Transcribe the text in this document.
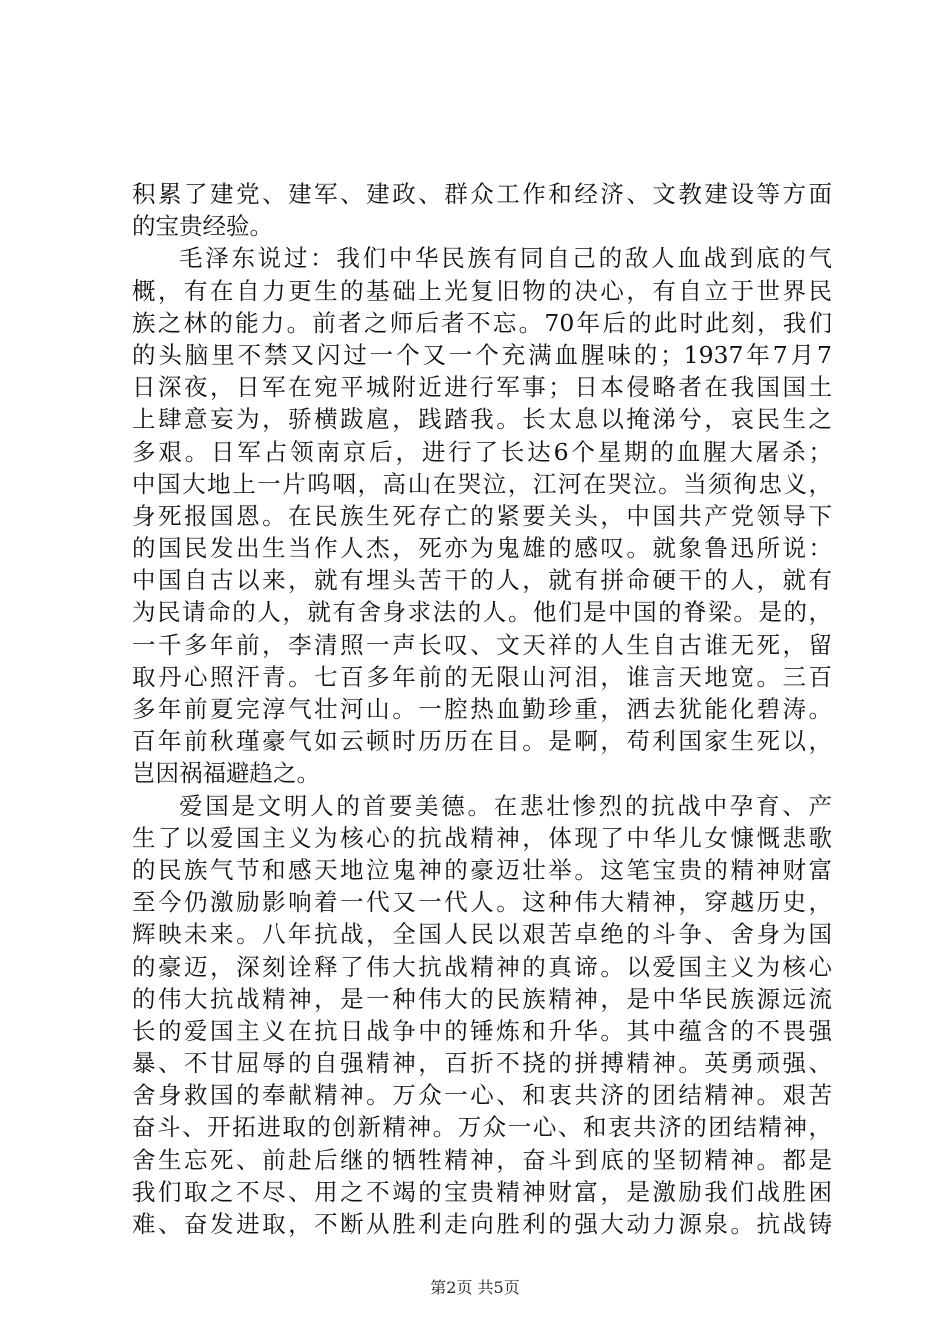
积累了建党、建军、建政、群众工作和经济、文教建设等方面
的宝贵经验。
毛泽东说过：我们中华民族有同自己的敌人血战到底的气
概，有在自力更生的基础上光复旧物的决心，有自立于世界民
族之林的能力。前者之师后者不忘。70年后的此时此刻，我们
的头脑里不禁又闪过一个又一个充满血腥味的；1937年7月7
日深夜，日军在宛平城附近进行军事；日本侵略者在我国国土
上肆意妄为，骄横跋扈，践踏我。长太息以掩涕兮，哀民生之
多艰。日军占领南京后，进行了长达6个星期的血腥大屠杀；
中国大地上一片呜咽，高山在哭泣，江河在哭泣。当须徇忠义，
身死报国恩。在民族生死存亡的紧要关头，中国共产党领导下
的国民发出生当作人杰，死亦为鬼雄的感叹。就象鲁迅所说：
中国自古以来，就有埋头苦干的人，就有拼命硬干的人，就有
为民请命的人，就有舍身求法的人。他们是中国的脊梁。是的，
一千多年前，李清照一声长叹、文天祥的人生自古谁无死，留
取丹心照汗青。七百多年前的无限山河泪，谁言天地宽。三百
多年前夏完淳气壮河山。一腔热血勤珍重，洒去犹能化碧涛。
百年前秋瑾豪气如云顿时历历在目。是啊，苟利国家生死以，
岂因祸福避趋之。
爱国是文明人的首要美德。在悲壮惨烈的抗战中孕育、产
生了以爱国主义为核心的抗战精神，体现了中华儿女慷慨悲歌
的民族气节和感天地泣鬼神的豪迈壮举。这笔宝贵的精神财富
至今仍激励影响着一代又一代人。这种伟大精神，穿越历史，
辉映未来。八年抗战，全国人民以艰苦卓绝的斗争、舍身为国
的豪迈，深刻诠释了伟大抗战精神的真谛。以爱国主义为核心
的伟大抗战精神，是一种伟大的民族精神，是中华民族源远流
长的爱国主义在抗日战争中的锤炼和升华。其中蕴含的不畏强
暴、不甘屈辱的自强精神，百折不挠的拼搏精神。英勇顽强、
舍身救国的奉献精神。万众一心、和衷共济的团结精神。艰苦
奋斗、开拓进取的创新精神。万众一心、和衷共济的团结精神，
舍生忘死、前赴后继的牺牲精神，奋斗到底的坚韧精神。都是
我们取之不尽、用之不竭的宝贵精神财富，是激励我们战胜困
难、奋发进取，不断从胜利走向胜利的强大动力源泉。抗战铸
第2页 共5页
